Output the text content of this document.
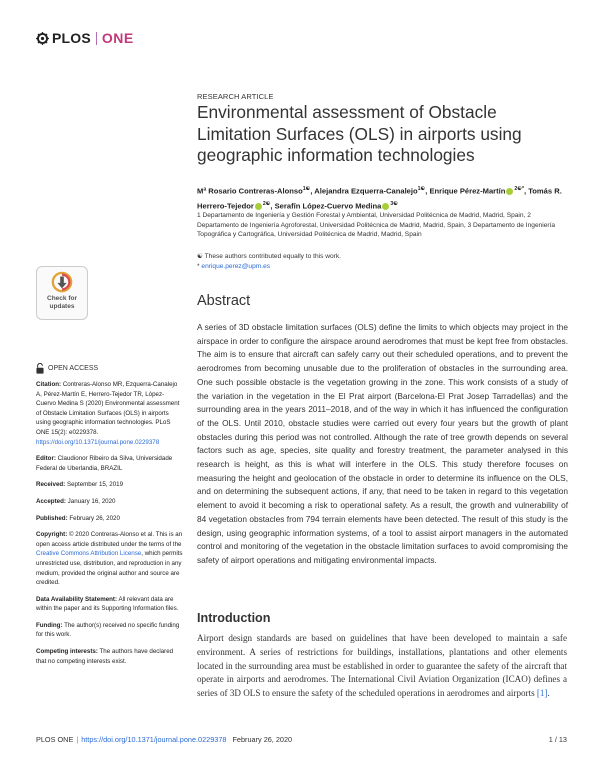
PLOS ONE
Check for
updates
OPEN ACCESS

Citation: Contreras-Alonso MR, Ezquerra-Canalejo A, Pérez-Martín E, Herrero-Tejedor TR, López-Cuervo Medina S (2020) Environmental assessment of Obstacle Limitation Surfaces (OLS) in airports using geographic information technologies. PLoS ONE 15(2): e0229378. https://doi.org/10.1371/journal.pone.0229378

Editor: Claudionor Ribeiro da Silva, Universidade Federal de Uberlandia, BRAZIL

Received: September 15, 2019

Accepted: January 16, 2020

Published: February 26, 2020

Copyright: © 2020 Contreras-Alonso et al. This is an open access article distributed under the terms of the Creative Commons Attribution License, which permits unrestricted use, distribution, and reproduction in any medium, provided the original author and source are credited.

Data Availability Statement: All relevant data are within the paper and its Supporting Information files.

Funding: The author(s) received no specific funding for this work.

Competing interests: The authors have declared that no competing interests exist.

RESEARCH ARTICLE
Environmental assessment of Obstacle Limitation Surfaces (OLS) in airports using geographic information technologies
Mª Rosario Contreras-Alonso$^{1☯}$, Alejandra Ezquerra-Canalejo$^{1☯}$, Enrique Pérez-Martín $^{2☯*}$, Tomás R. Herrero-Tejedor $^{2☯}$, Serafín López-Cuervo Medina $^{3☯}$
1 Departamento de Ingeniería y Gestión Forestal y Ambiental, Universidad Politécnica de Madrid, Madrid, Spain, 2 Departamento de Ingeniería Agroforestal, Universidad Politécnica de Madrid, Madrid, Spain, 3 Departamento de Ingeniería Topográfica y Cartográfica, Universidad Politécnica de Madrid, Madrid, Spain
☯ These authors contributed equally to this work.
* enrique.perez@upm.es
Abstract

A series of 3D obstacle limitation surfaces (OLS) define the limits to which objects may project in the airspace in order to configure the airspace around aerodromes that must be kept free from obstacles. The aim is to ensure that aircraft can safely carry out their scheduled operations, and to prevent the aerodromes from becoming unusable due to the proliferation of obstacles in the surrounding area. One such possible obstacle is the vegetation growing in the zone. This work consists of a study of the variation in the vegetation in the El Prat airport (Barcelona-El Prat Josep Tarradellas) and the surrounding area in the years 2011–2018, and of the way in which it has influenced the configuration of the OLS. Until 2010, obstacle studies were carried out every four years but the growth of plant obstacles during this period was not controlled. Although the rate of tree growth depends on several factors such as age, species, site quality and forestry treatment, the parameter analysed in this research is height, as this is what will interfere in the OLS. This study therefore focuses on measuring the height and geolocation of the obstacle in order to determine its influence on the OLS, and on determining the subsequent actions, if any, that need to be taken in regard to this vegetation element to avoid it becoming a risk to operational safety. As a result, the growth and vulnerability of 84 vegetation obstacles from 794 terrain elements have been detected. The result of this study is the design, using geographic information systems, of a tool to assist airport managers in the automated control and monitoring of the vegetation in the obstacle limitation surfaces to avoid compromising the safety of airport operations and mitigating environmental impacts.

Introduction

Airport design standards are based on guidelines that have been developed to maintain a safe environment. A series of restrictions for buildings, installations, plantations and other elements located in the surrounding area must be established in order to guarantee the safety of the aircraft that operate in airports and aerodromes. The International Civil Aviation Organization (ICAO) defines a series of 3D OLS to ensure the safety of the scheduled operations in aerodromes and airports [1].

PLOS ONE | https://doi.org/10.1371/journal.pone.0229378 February 26, 2020	1 / 13
